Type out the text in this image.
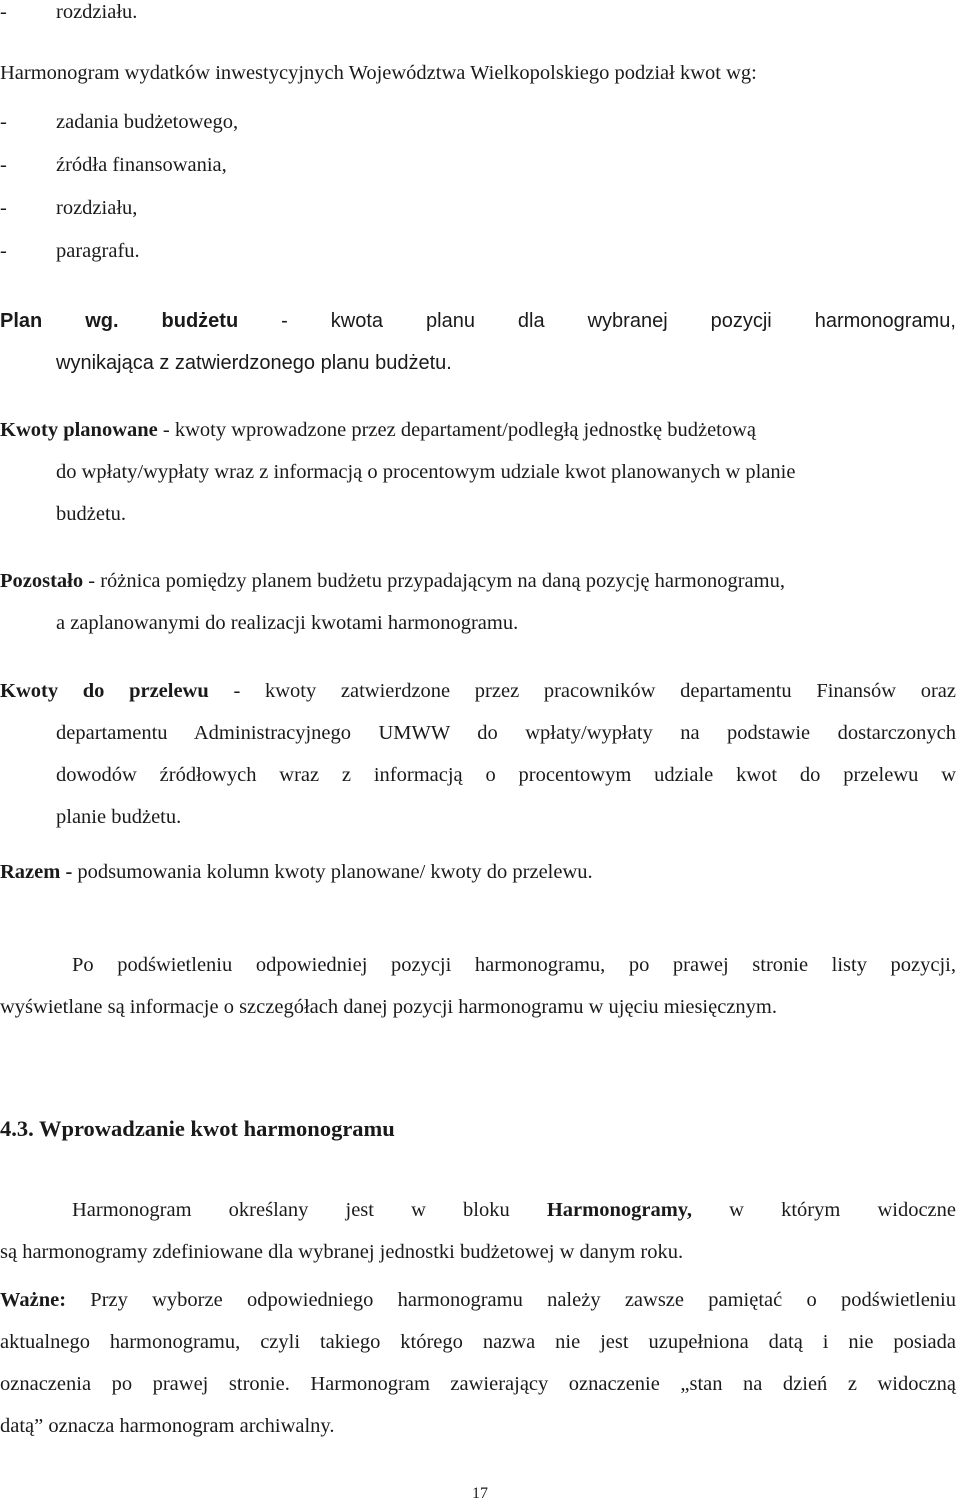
- rozdziału.
Harmonogram wydatków inwestycyjnych Województwa Wielkopolskiego podział kwot wg:
- zadania budżetowego,
- źródła finansowania,
- rozdziału,
- paragrafu.
Plan wg. budżetu - kwota planu dla wybranej pozycji harmonogramu,
wynikająca z zatwierdzonego planu budżetu.
Kwoty planowane - kwoty wprowadzone przez departament/podległą jednostkę budżetową
do wpłaty/wypłaty wraz z informacją o procentowym udziale kwot planowanych w planie
budżetu.
Pozostało - różnica pomiędzy planem budżetu przypadającym na daną pozycję harmonogramu,
a zaplanowanymi do realizacji kwotami harmonogramu.
Kwoty do przelewu - kwoty zatwierdzone przez pracowników departamentu Finansów oraz
departamentu Administracyjnego UMWW do wpłaty/wypłaty na podstawie dostarczonych
dowodów źródłowych wraz z informacją o procentowym udziale kwot do przelewu w
planie budżetu.
Razem - podsumowania kolumn kwoty planowane/ kwoty do przelewu.
Po podświetleniu odpowiedniej pozycji harmonogramu, po prawej stronie listy pozycji,
wyświetlane są informacje o szczegółach danej pozycji harmonogramu w ujęciu miesięcznym.
4.3. Wprowadzanie kwot harmonogramu
Harmonogram określany jest w bloku Harmonogramy, w którym widoczne
są harmonogramy zdefiniowane dla wybranej jednostki budżetowej w danym roku.
Ważne: Przy wyborze odpowiedniego harmonogramu należy zawsze pamiętać o podświetleniu
aktualnego harmonogramu, czyli takiego którego nazwa nie jest uzupełniona datą i nie posiada
oznaczenia po prawej stronie. Harmonogram zawierający oznaczenie „stan na dzień z widoczną
datą” oznacza harmonogram archiwalny.
17
